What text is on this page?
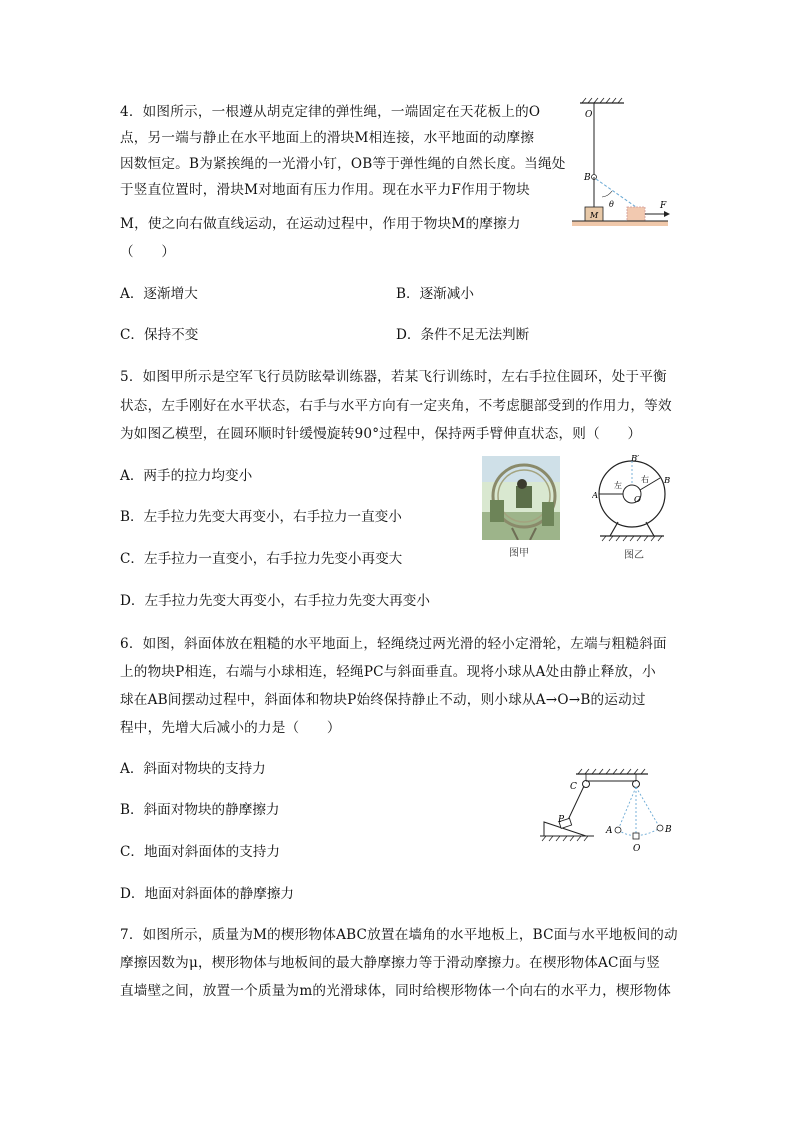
4．如图所示，一根遵从胡克定律的弹性绳，一端固定在天花板上的O
点，另一端与静止在水平地面上的滑块M相连接，水平地面的动摩擦
因数恒定。B为紧挨绳的一光滑小钉，OB等于弹性绳的自然长度。当绳处
于竖直位置时，滑块M对地面有压力作用。现在水平力F作用于物块
M，使之向右做直线运动，在运动过程中，作用于物块M的摩擦力
（　　）
A．逐渐增大	B．逐渐减小
C．保持不变	D．条件不足无法判断
O
B
θ
M
F
5．如图甲所示是空军飞行员防眩晕训练器，若某飞行训练时，左右手拉住圆环，处于平衡
状态，左手刚好在水平状态，右手与水平方向有一定夹角，不考虑腿部受到的作用力，等效
为如图乙模型，在圆环顺时针缓慢旋转90°过程中，保持两手臂伸直状态，则（　　）
A．两手的拉力均变小
B．左手拉力先变大再变小，右手拉力一直变小
C．左手拉力一直变小，右手拉力先变小再变大
D．左手拉力先变大再变小，右手拉力先变大再变小
图甲
B′
左
右
A
B
O
图乙
6．如图，斜面体放在粗糙的水平地面上，轻绳绕过两光滑的轻小定滑轮，左端与粗糙斜面
上的物块P相连，右端与小球相连，轻绳PC与斜面垂直。现将小球从A处由静止释放，小
球在AB间摆动过程中，斜面体和物块P始终保持静止不动，则小球从A→O→B的运动过
程中，先增大后减小的力是（　　）
A．斜面对物块的支持力
B．斜面对物块的静摩擦力
C．地面对斜面体的支持力
D．地面对斜面体的静摩擦力
C
P
A	B
O
7．如图所示，质量为M的楔形物体ABC放置在墙角的水平地板上，BC面与水平地板间的动
摩擦因数为μ，楔形物体与地板间的最大静摩擦力等于滑动摩擦力。在楔形物体AC面与竖
直墙壁之间，放置一个质量为m的光滑球体，同时给楔形物体一个向右的水平力，楔形物体
